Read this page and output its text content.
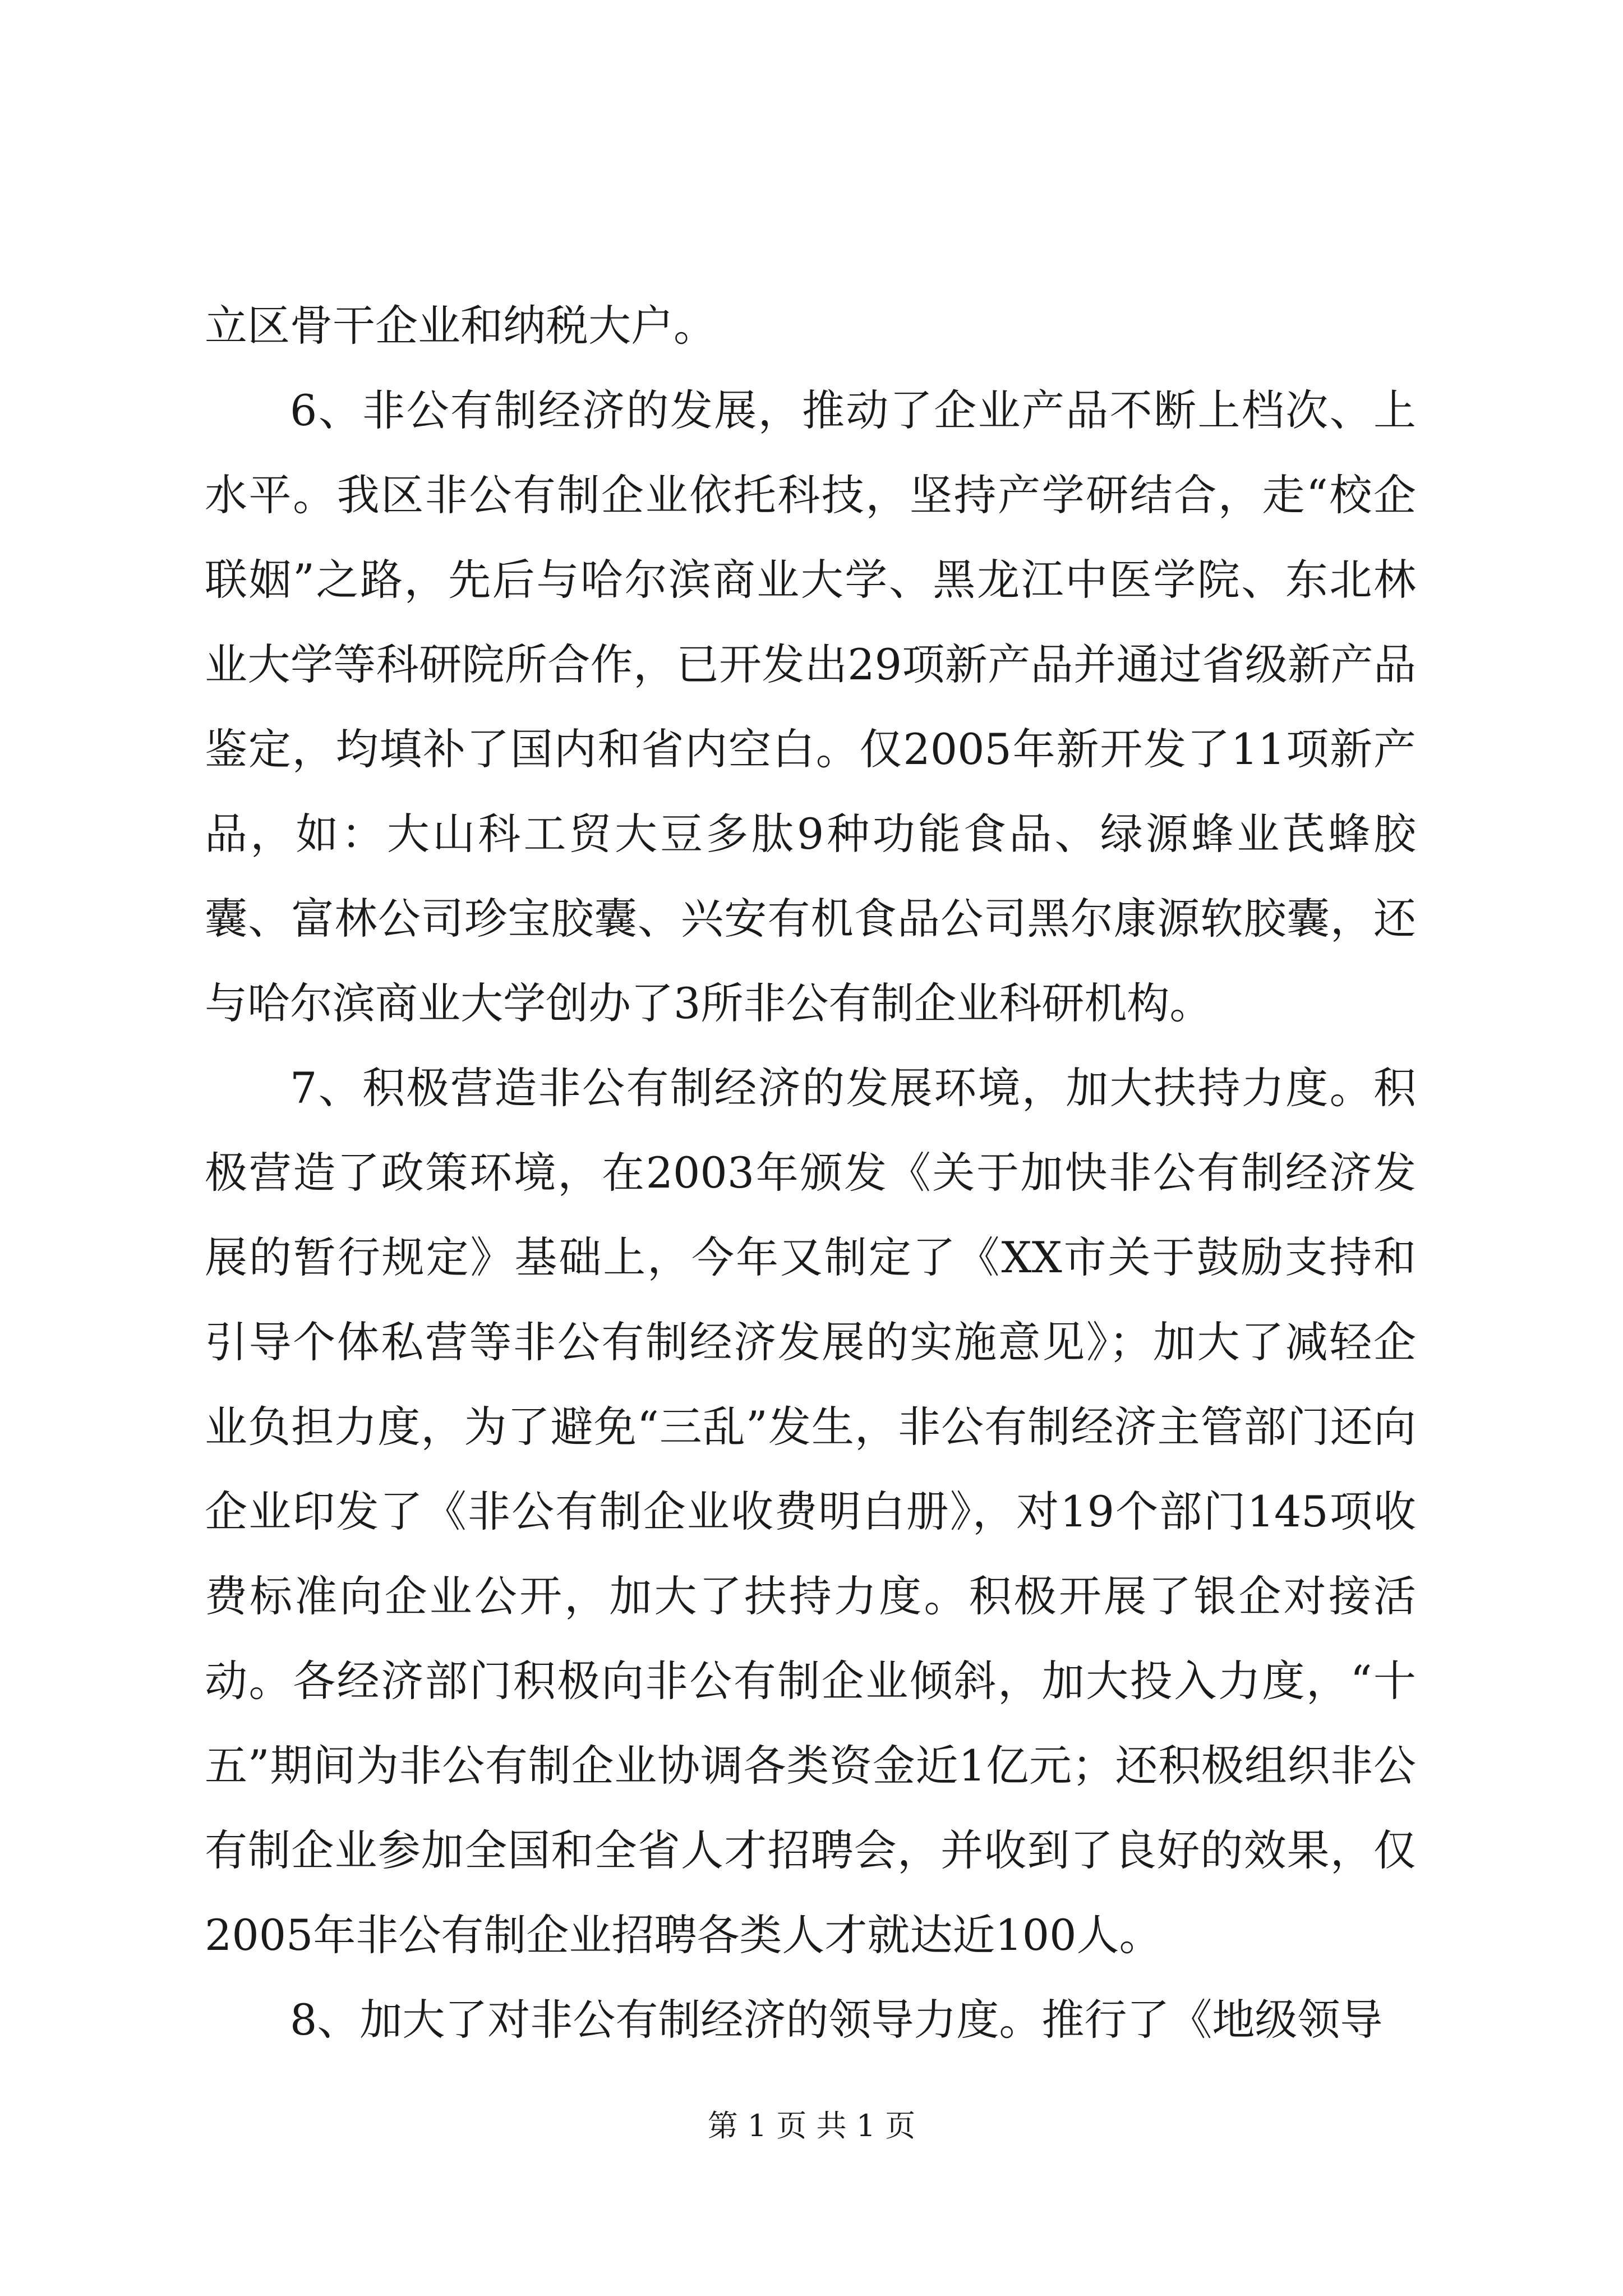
立区骨干企业和纳税大户。

6、非公有制经济的发展，推动了企业产品不断上档次、上水平。我区非公有制企业依托科技，坚持产学研结合，走“校企联姻”之路，先后与哈尔滨商业大学、黑龙江中医学院、东北林业大学等科研院所合作，已开发出29项新产品并通过省级新产品鉴定，均填补了国内和省内空白。仅2005年新开发了11项新产品，如：大山科工贸大豆多肽9种功能食品、绿源蜂业芪蜂胶囊、富林公司珍宝胶囊、兴安有机食品公司黑尔康源软胶囊，还与哈尔滨商业大学创办了3所非公有制企业科研机构。

7、积极营造非公有制经济的发展环境，加大扶持力度。积极营造了政策环境，在2003年颁发《关于加快非公有制经济发展的暂行规定》基础上，今年又制定了《XX市关于鼓励支持和引导个体私营等非公有制经济发展的实施意见》；加大了减轻企业负担力度，为了避免“三乱”发生，非公有制经济主管部门还向企业印发了《非公有制企业收费明白册》，对19个部门145项收费标准向企业公开，加大了扶持力度。积极开展了银企对接活动。各经济部门积极向非公有制企业倾斜，加大投入力度，“十五”期间为非公有制企业协调各类资金近1亿元；还积极组织非公有制企业参加全国和全省人才招聘会，并收到了良好的效果，仅2005年非公有制企业招聘各类人才就达近100人。

8、加大了对非公有制经济的领导力度。推行了《地级领导

第 1 页 共 1 页
